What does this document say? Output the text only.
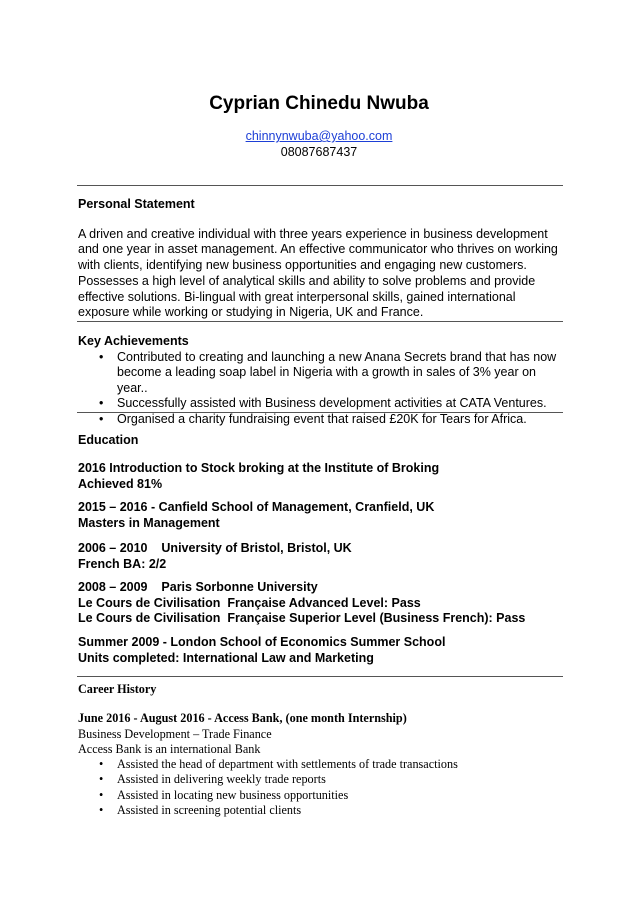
Cyprian Chinedu Nwuba
chinnynwuba@yahoo.com
08087687437
Personal Statement
A driven and creative individual with three years experience in business development and one year in asset management. An effective communicator who thrives on working with clients, identifying new business opportunities and engaging new customers. Possesses a high level of analytical skills and ability to solve problems and provide effective solutions. Bi-lingual with great interpersonal skills, gained international exposure while working or studying in Nigeria, UK and France.
Key Achievements
• Contributed to creating and launching a new Anana Secrets brand that has now become a leading soap label in Nigeria with a growth in sales of 3% year on year..
• Successfully assisted with Business development activities at CATA Ventures.
• Organised a charity fundraising event that raised £20K for Tears for Africa.
Education
2016 Introduction to Stock broking at the Institute of Broking
Achieved 81%
2015 – 2016 - Canfield School of Management, Cranfield, UK
Masters in Management
2006 – 2010    University of Bristol, Bristol, UK
French BA: 2/2
2008 – 2009    Paris Sorbonne University
Le Cours de Civilisation  Française Advanced Level: Pass
Le Cours de Civilisation  Française Superior Level (Business French): Pass
Summer 2009 - London School of Economics Summer School
Units completed: International Law and Marketing
Career History
June 2016 - August 2016 - Access Bank, (one month Internship)
Business Development – Trade Finance
Access Bank is an international Bank
• Assisted the head of department with settlements of trade transactions
• Assisted in delivering weekly trade reports
• Assisted in locating new business opportunities
• Assisted in screening potential clients
